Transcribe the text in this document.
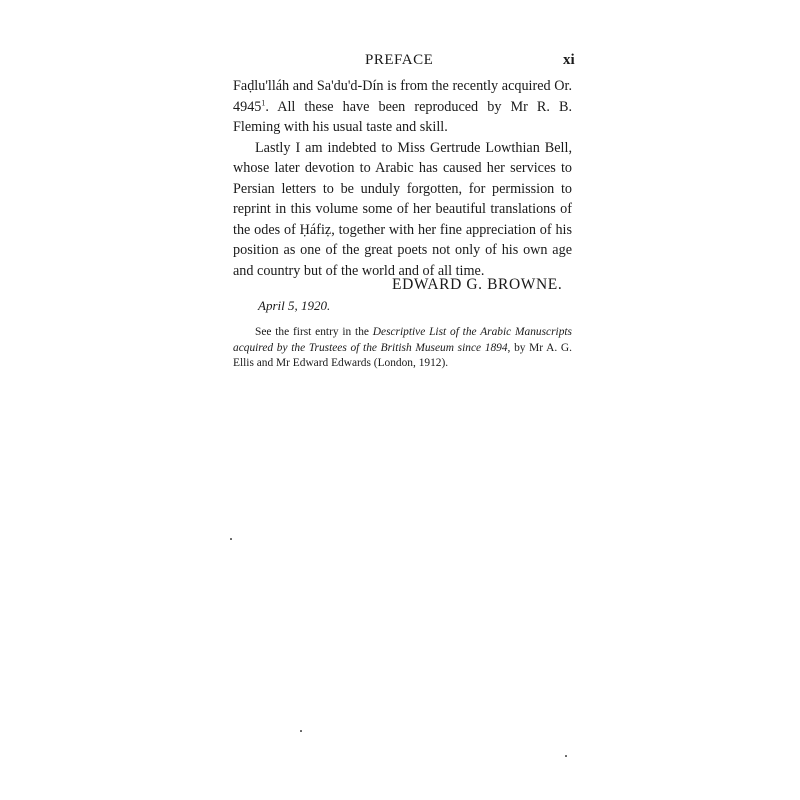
PREFACE	xi

Faḍlu'lláh and Sa'du'd-Dín is from the recently acquired Or. 4945$^1$. All these have been reproduced by Mr R. B. Fleming with his usual taste and skill.

Lastly I am indebted to Miss Gertrude Lowthian Bell, whose later devotion to Arabic has caused her services to Persian letters to be unduly forgotten, for permission to reprint in this volume some of her beautiful translations of the odes of Ḥáfiẓ, together with her fine appreciation of his position as one of the great poets not only of his own age and country but of the world and of all time.

EDWARD G. BROWNE.
April 5, 1920.

See the first entry in the Descriptive List of the Arabic Manuscripts acquired by the Trustees of the British Museum since 1894, by Mr A. G. Ellis and Mr Edward Edwards (London, 1912).
